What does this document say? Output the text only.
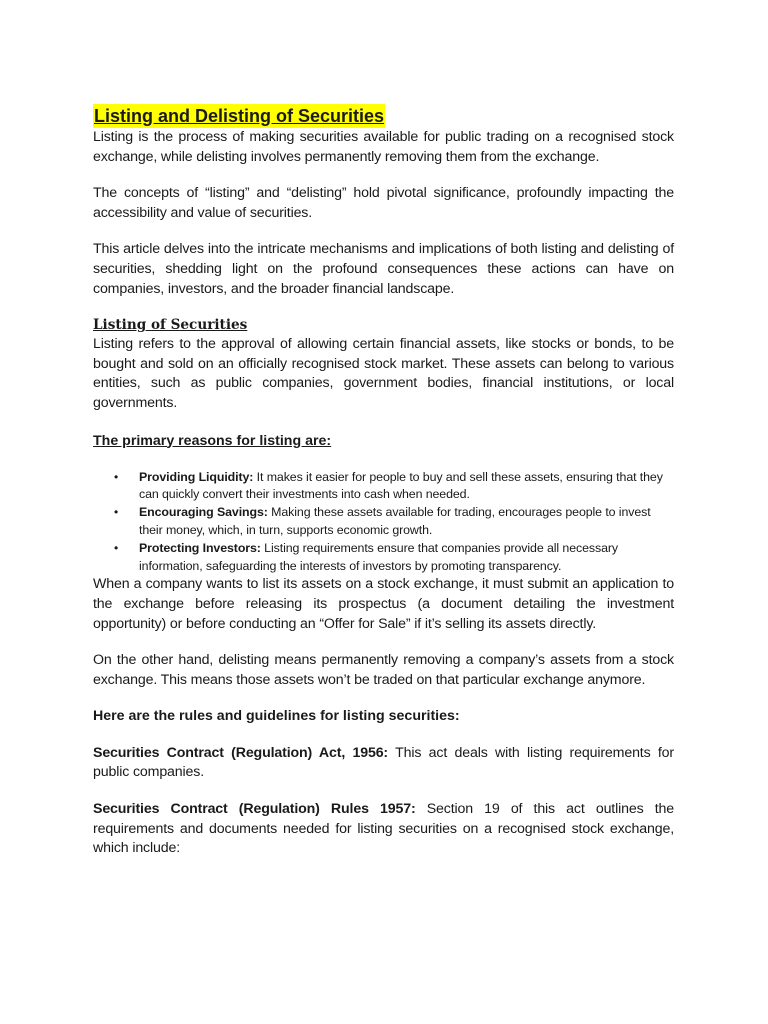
Listing and Delisting of Securities

Listing is the process of making securities available for public trading on a recognised stock exchange, while delisting involves permanently removing them from the exchange.

The concepts of “listing” and “delisting” hold pivotal significance, profoundly impacting the accessibility and value of securities.

This article delves into the intricate mechanisms and implications of both listing and delisting of securities, shedding light on the profound consequences these actions can have on companies, investors, and the broader financial landscape.

Listing of Securities

Listing refers to the approval of allowing certain financial assets, like stocks or bonds, to be bought and sold on an officially recognised stock market. These assets can belong to various entities, such as public companies, government bodies, financial institutions, or local governments.

The primary reasons for listing are:

• Providing Liquidity: It makes it easier for people to buy and sell these assets, ensuring that they can quickly convert their investments into cash when needed.
• Encouraging Savings: Making these assets available for trading, encourages people to invest their money, which, in turn, supports economic growth.
• Protecting Investors: Listing requirements ensure that companies provide all necessary information, safeguarding the interests of investors by promoting transparency.

When a company wants to list its assets on a stock exchange, it must submit an application to the exchange before releasing its prospectus (a document detailing the investment opportunity) or before conducting an “Offer for Sale” if it’s selling its assets directly.

On the other hand, delisting means permanently removing a company’s assets from a stock exchange. This means those assets won’t be traded on that particular exchange anymore.

Here are the rules and guidelines for listing securities:

Securities Contract (Regulation) Act, 1956: This act deals with listing requirements for public companies.

Securities Contract (Regulation) Rules 1957: Section 19 of this act outlines the requirements and documents needed for listing securities on a recognised stock exchange, which include:
